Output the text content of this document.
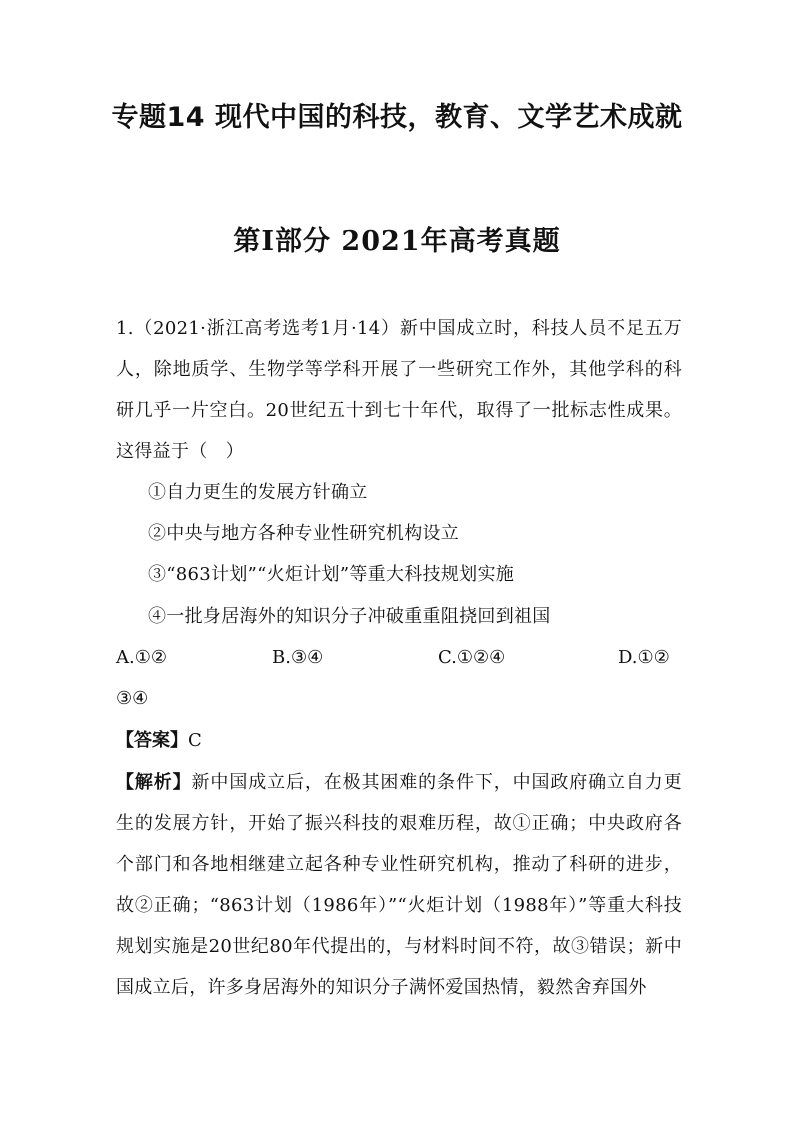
专题14 现代中国的科技，教育、文学艺术成就
第Ⅰ部分 2021年高考真题
1.（2021·浙江高考选考1月·14）新中国成立时，科技人员不足五万人，除地质学、生物学等学科开展了一些研究工作外，其他学科的科研几乎一片空白。20世纪五十到七十年代，取得了一批标志性成果。这得益于（　）
①自力更生的发展方针确立
②中央与地方各种专业性研究机构设立
③“863计划”“火炬计划”等重大科技规划实施
④一批身居海外的知识分子冲破重重阻挠回到祖国
A.①②	B.③④	C.①②④	D.①②
③④
【答案】C
【解析】新中国成立后，在极其困难的条件下，中国政府确立自力更生的发展方针，开始了振兴科技的艰难历程，故①正确；中央政府各个部门和各地相继建立起各种专业性研究机构，推动了科研的进步，故②正确；“863计划（1986年）”“火炬计划（1988年）”等重大科技规划实施是20世纪80年代提出的，与材料时间不符，故③错误；新中国成立后，许多身居海外的知识分子满怀爱国热情，毅然舍弃国外
